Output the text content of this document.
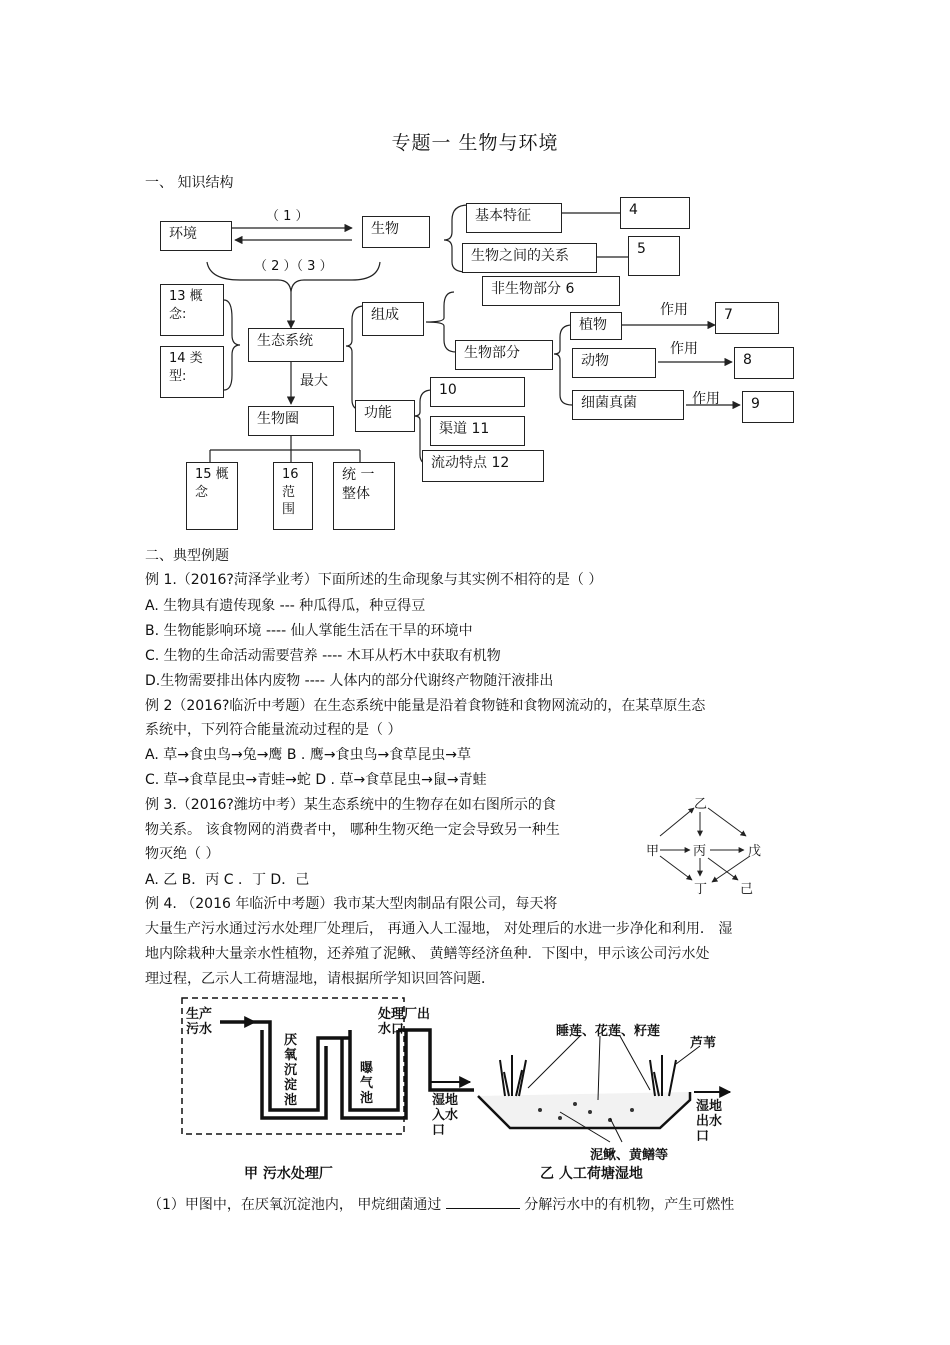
专题一 生物与环境
一、 知识结构
环境	生物
（ 1 ）
（ 2 ）（ 3 ）
基本特征	4
生物之间的关系	5
13 概念:
14 类型:
生态系统
最大
生物圈
组成
非生物部分 6
生物部分
植物
动物
细菌真菌
作用
作用
作用
7
8
9
功能
10
渠道 11
流动特点 12
15 概念
16 范围
统 一 整体
二、典型例题
例 1.（2016?菏泽学业考）下面所述的生命现象与其实例不相符的是（ ）
A. 生物具有遗传现象 --- 种瓜得瓜，种豆得豆
B. 生物能影响环境 ---- 仙人掌能生活在干旱的环境中
C. 生物的生命活动需要营养 ---- 木耳从朽木中获取有机物
D.生物需要排出体内废物 ---- 人体内的部分代谢终产物随汗液排出
例 2（2016?临沂中考题）在生态系统中能量是沿着食物链和食物网流动的，在某草原生态
系统中，下列符合能量流动过程的是（ ）
A. 草→食虫鸟→兔→鹰 B . 鹰→食虫鸟→食草昆虫→草
C. 草→食草昆虫→青蛙→蛇 D . 草→食草昆虫→鼠→青蛙
例 3.（2016?潍坊中考）某生态系统中的生物存在如右图所示的食
物关系。 该食物网的消费者中， 哪种生物灭绝一定会导致另一种生
物灭绝（ ）
A. 乙 B．丙 C ．丁 D．己
乙
甲	丙	戊
丁	己
例 4. （2016 年临沂中考题）我市某大型肉制品有限公司，每天将
大量生产污水通过污水处理厂处理后， 再通入人工湿地， 对处理后的水进一步净化和利用． 湿
地内除栽种大量亲水性植物，还养殖了泥鳅、 黄鳝等经济鱼种．下图中，甲示该公司污水处
理过程，乙示人工荷塘湿地，请根据所学知识回答问题．
生产污水
厌氧沉淀池
曝气池
处理厂出水口
湿地入水口
睡莲、花莲、籽莲
芦苇
湿地出水口
泥鳅、黄鳝等
甲 污水处理厂	乙 人工荷塘湿地
（1）甲图中，在厌氧沉淀池内， 甲烷细菌通过	分解污水中的有机物，产生可燃性
